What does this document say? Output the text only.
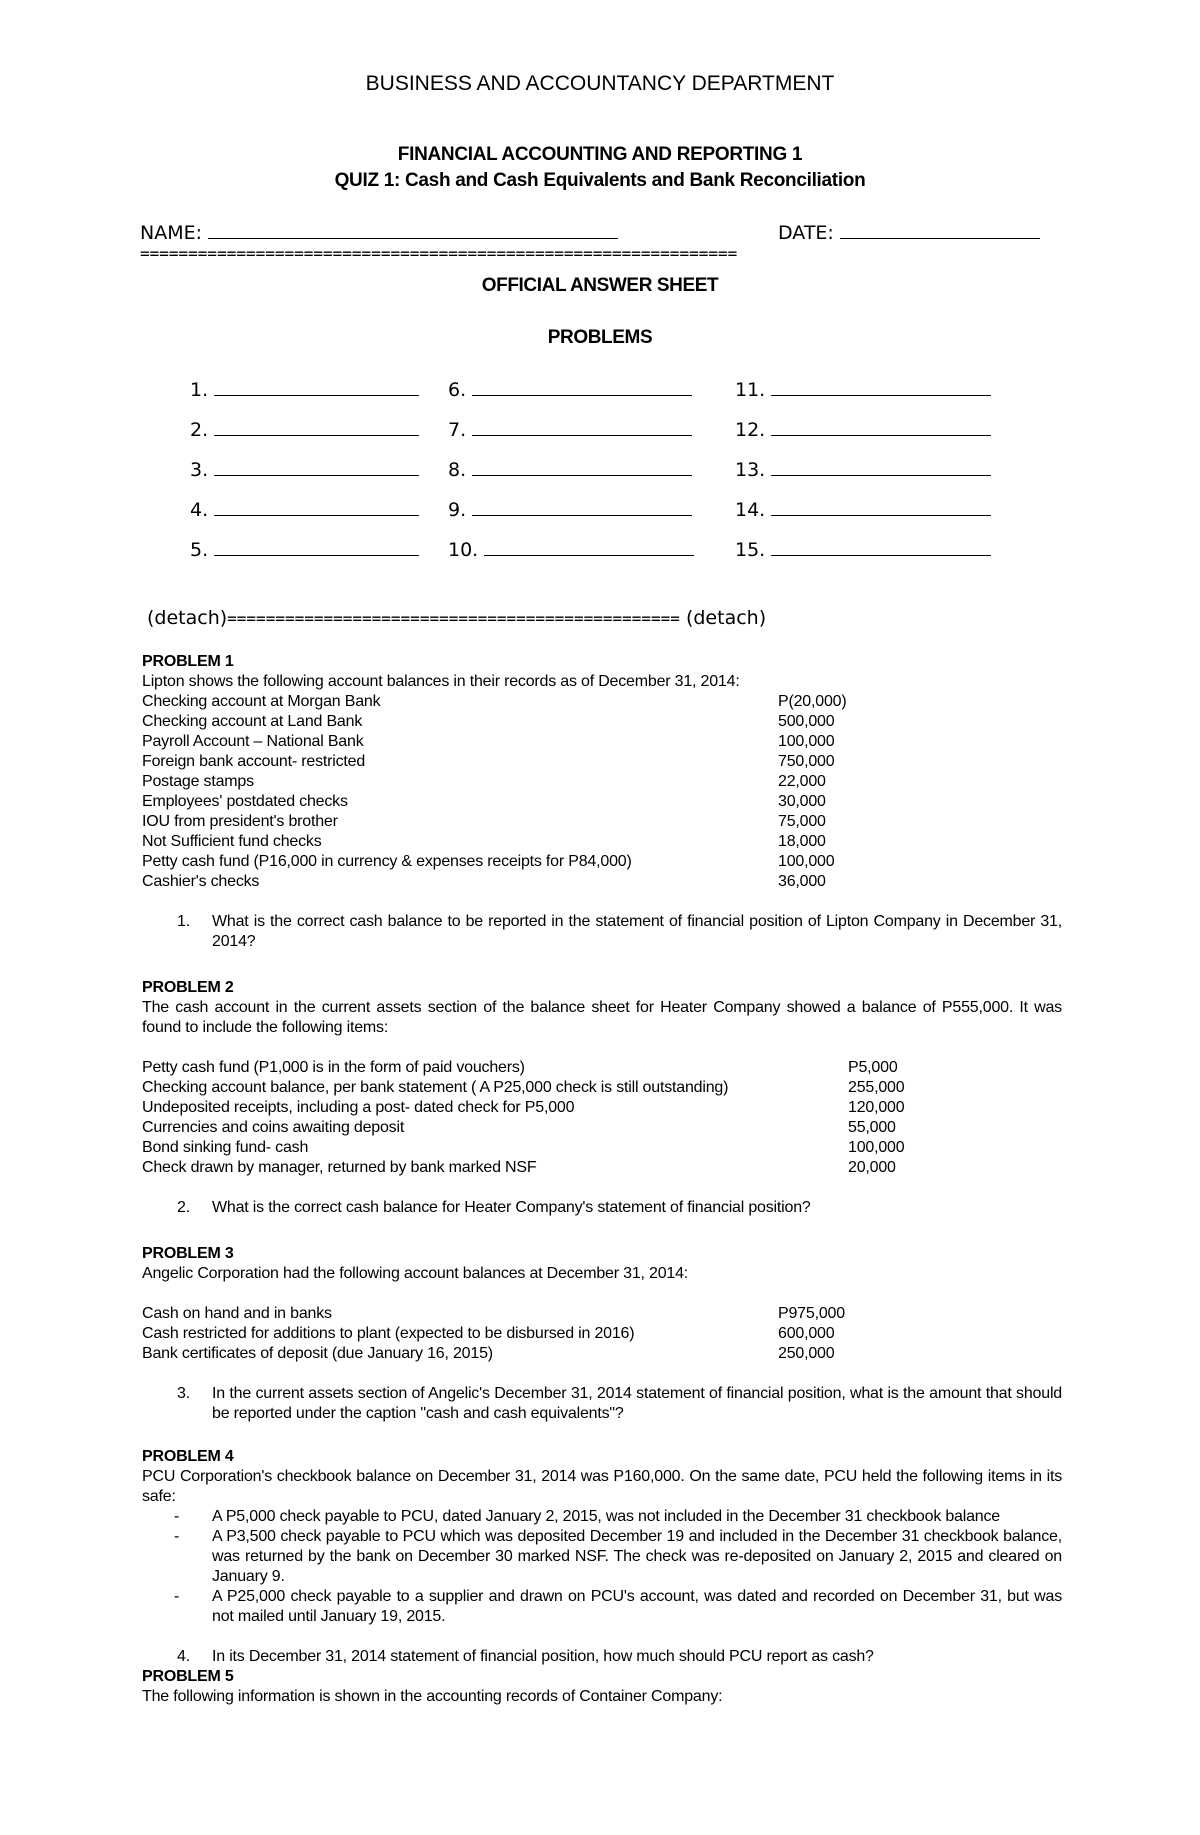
BUSINESS AND ACCOUNTANCY DEPARTMENT
FINANCIAL ACCOUNTING AND REPORTING 1
QUIZ 1: Cash and Cash Equivalents and Bank Reconciliation
NAME:	DATE:
==============================================================
OFFICIAL ANSWER SHEET
PROBLEMS
1.
2.
3.
4.
5.
6.
7.
8.
9.
10.
11.
12.
13.
14.
15.
(detach)=============================================== (detach)
PROBLEM 1
Lipton shows the following account balances in their records as of December 31, 2014:
Checking account at Morgan Bank	P(20,000)
Checking account at Land Bank	500,000
Payroll Account – National Bank	100,000
Foreign bank account- restricted	750,000
Postage stamps	22,000
Employees' postdated checks	30,000
IOU from president's brother	75,000
Not Sufficient fund checks	18,000
Petty cash fund (P16,000 in currency & expenses receipts for P84,000)	100,000
Cashier's checks	36,000
1. What is the correct cash balance to be reported in the statement of financial position of Lipton Company in December 31, 2014?
PROBLEM 2
The cash account in the current assets section of the balance sheet for Heater Company showed a balance of P555,000. It was found to include the following items:
Petty cash fund (P1,000 is in the form of paid vouchers)	P5,000
Checking account balance, per bank statement ( A P25,000 check is still outstanding)	255,000
Undeposited receipts, including a post- dated check for P5,000	120,000
Currencies and coins awaiting deposit	55,000
Bond sinking fund- cash	100,000
Check drawn by manager, returned by bank marked NSF	20,000
2. What is the correct cash balance for Heater Company's statement of financial position?
PROBLEM 3
Angelic Corporation had the following account balances at December 31, 2014:
Cash on hand and in banks	P975,000
Cash restricted for additions to plant (expected to be disbursed in 2016)	600,000
Bank certificates of deposit (due January 16, 2015)	250,000
3. In the current assets section of Angelic's December 31, 2014 statement of financial position, what is the amount that should be reported under the caption "cash and cash equivalents"?
PROBLEM 4
PCU Corporation's checkbook balance on December 31, 2014 was P160,000. On the same date, PCU held the following items in its safe:
- A P5,000 check payable to PCU, dated January 2, 2015, was not included in the December 31 checkbook balance
- A P3,500 check payable to PCU which was deposited December 19 and included in the December 31 checkbook balance, was returned by the bank on December 30 marked NSF. The check was re-deposited on January 2, 2015 and cleared on January 9.
- A P25,000 check payable to a supplier and drawn on PCU's account, was dated and recorded on December 31, but was not mailed until January 19, 2015.
4. In its December 31, 2014 statement of financial position, how much should PCU report as cash?
PROBLEM 5
The following information is shown in the accounting records of Container Company:
